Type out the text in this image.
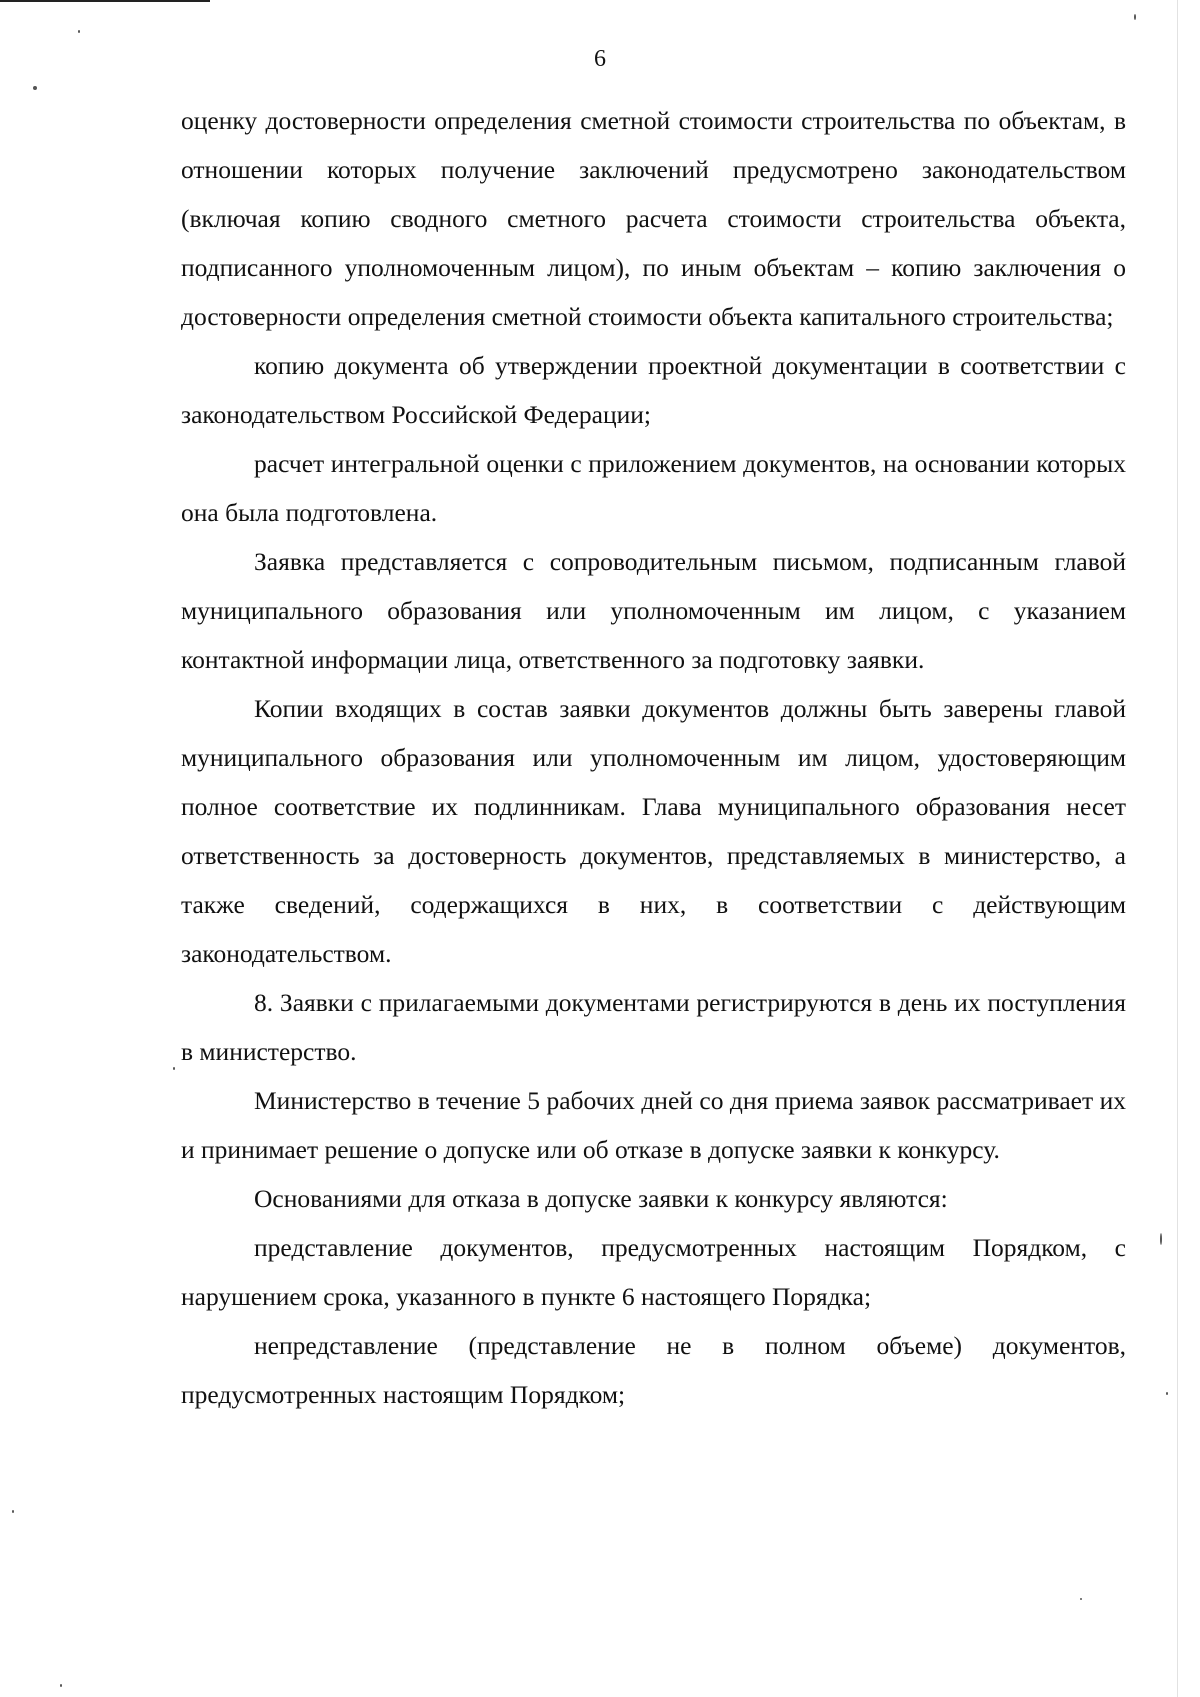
6

оценку достоверности определения сметной стоимости строительства по объектам, в отношении которых получение заключений предусмотрено законодательством (включая копию сводного сметного расчета стоимости строительства объекта, подписанного уполномоченным лицом), по иным объектам – копию заключения о достоверности определения сметной стоимости объекта капитального строительства;

копию документа об утверждении проектной документации в соответствии с законодательством Российской Федерации;

расчет интегральной оценки с приложением документов, на основании которых она была подготовлена.

Заявка представляется с сопроводительным письмом, подписанным главой муниципального образования или уполномоченным им лицом, с указанием контактной информации лица, ответственного за подготовку заявки.

Копии входящих в состав заявки документов должны быть заверены главой муниципального образования или уполномоченным им лицом, удостоверяющим полное соответствие их подлинникам. Глава муниципального образования несет ответственность за достоверность документов, представляемых в министерство, а также сведений, содержащихся в них, в соответствии с действующим законодательством.

8. Заявки с прилагаемыми документами регистрируются в день их поступления в министерство.

Министерство в течение 5 рабочих дней со дня приема заявок рассматривает их и принимает решение о допуске или об отказе в допуске заявки к конкурсу.

Основаниями для отказа в допуске заявки к конкурсу являются:

представление документов, предусмотренных настоящим Порядком, с нарушением срока, указанного в пункте 6 настоящего Порядка;

непредставление (представление не в полном объеме) документов, предусмотренных настоящим Порядком;
